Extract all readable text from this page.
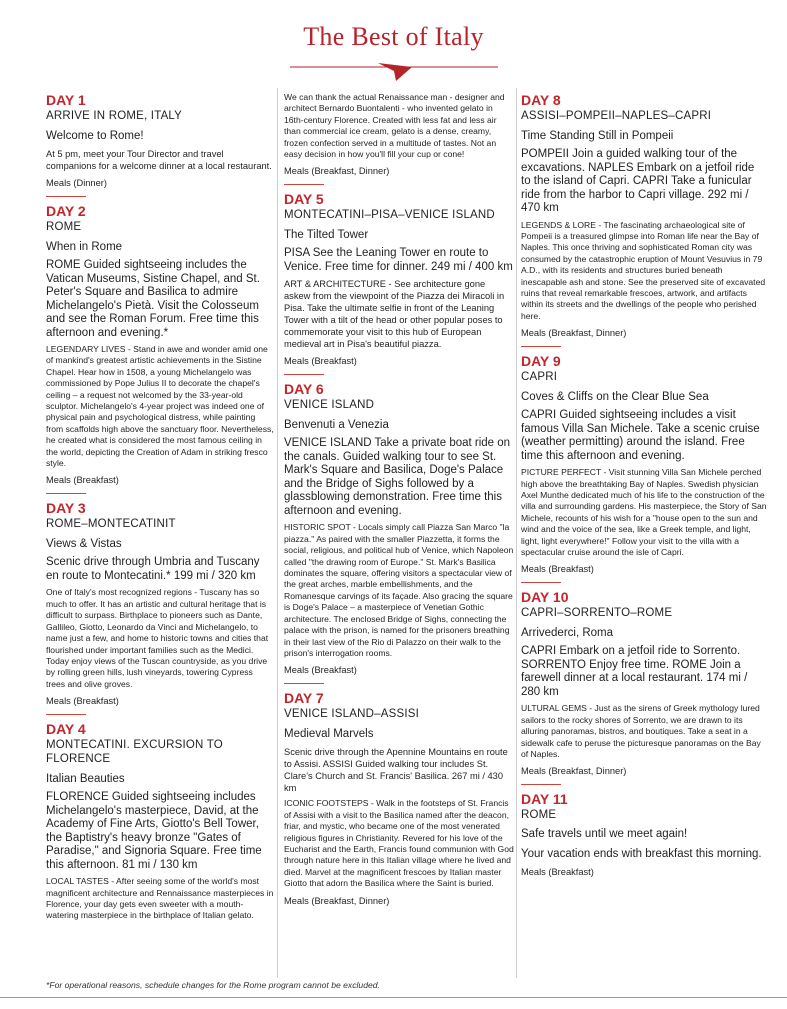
The Best of Italy
DAY 1
ARRIVE IN ROME, ITALY
Welcome to Rome!
At 5 pm, meet your Tour Director and travel companions for a welcome dinner at a local restaurant.
Meals (Dinner)
DAY 2
ROME
When in Rome
ROME Guided sightseeing includes the Vatican Museums, Sistine Chapel, and St. Peter's Square and Basilica to admire Michelangelo's Pietà. Visit the Colosseum and see the Roman Forum. Free time this afternoon and evening.*
LEGENDARY LIVES - Stand in awe and wonder amid one of mankind's greatest artistic achievements in the Sistine Chapel. Hear how in 1508, a young Michelangelo was commissioned by Pope Julius II to decorate the chapel's ceiling – a request not welcomed by the 33-year-old sculptor. Michelangelo's 4-year project was indeed one of physical pain and psychological distress, while painting from scaffolds high above the sanctuary floor. Nevertheless, he created what is considered the most famous ceiling in the world, depicting the Creation of Adam in striking fresco style.
Meals (Breakfast)
DAY 3
ROME–MONTECATINIT
Views & Vistas
Scenic drive through Umbria and Tuscany en route to Montecatini.* 199 mi / 320 km
One of Italy's most recognized regions - Tuscany has so much to offer. It has an artistic and cultural heritage that is difficult to surpass. Birthplace to pioneers such as Dante, Gallileo, Giotto, Leonardo da Vinci and Michelangelo, to name just a few, and home to historic towns and cities that flourished under important families such as the Medici. Today enjoy views of the Tuscan countryside, as you drive by rolling green hills, lush vineyards, towering Cypress trees and olive groves.
Meals (Breakfast)
DAY 4
MONTECATINI. EXCURSION TO FLORENCE
Italian Beauties
FLORENCE Guided sightseeing includes Michelangelo's masterpiece, David, at the Academy of Fine Arts, Giotto's Bell Tower, the Baptistry's heavy bronze "Gates of Paradise," and Signoria Square. Free time this afternoon. 81 mi / 130 km
LOCAL TASTES - After seeing some of the world's most magnificent architecture and Rennaissance masterpieces in Florence, your day gets even sweeter with a mouth-watering masterpiece in the birthplace of Italian gelato.
We can thank the actual Renaissance man - designer and architect Bernardo Buontalenti - who invented gelato in 16th-century Florence. Created with less fat and less air than commercial ice cream, gelato is a dense, creamy, frozen confection served in a multitude of tastes. Not an easy decision in how you'll fill your cup or cone!
Meals (Breakfast, Dinner)
DAY 5
MONTECATINI–PISA–VENICE ISLAND
The Tilted Tower
PISA See the Leaning Tower en route to Venice. Free time for dinner. 249 mi / 400 km
ART & ARCHITECTURE - See architecture gone askew from the viewpoint of the Piazza dei Miracoli in Pisa. Take the ultimate selfie in front of the Leaning Tower with a tilt of the head or other popular poses to commemorate your visit to this hub of European medieval art in Pisa's beautiful piazza.
Meals (Breakfast)
DAY 6
VENICE ISLAND
Benvenuti a Venezia
VENICE ISLAND Take a private boat ride on the canals. Guided walking tour to see St. Mark's Square and Basilica, Doge's Palace and the Bridge of Sighs followed by a glassblowing demonstration. Free time this afternoon and evening.
HISTORIC SPOT - Locals simply call Piazza San Marco "la piazza." As paired with the smaller Piazzetta, it forms the social, religious, and political hub of Venice, which Napoleon called "the drawing room of Europe." St. Mark's Basilica dominates the square, offering visitors a spectacular view of the great arches, marble embellishments, and the Romanesque carvings of its façade. Also gracing the square is Doge's Palace – a masterpiece of Venetian Gothic architecture. The enclosed Bridge of Sighs, connecting the palace with the prison, is named for the prisoners breathing in their last view of the Rio di Palazzo on their walk to the prison's interrogation rooms.
Meals (Breakfast)
DAY 7
VENICE ISLAND–ASSISI
Medieval Marvels
Scenic drive through the Apennine Mountains en route to Assisi. ASSISI Guided walking tour includes St. Clare's Church and St. Francis' Basilica. 267 mi / 430 km
ICONIC FOOTSTEPS - Walk in the footsteps of St. Francis of Assisi with a visit to the Basilica named after the deacon, friar, and mystic, who became one of the most venerated religious figures in Christianity. Revered for his love of the Eucharist and the Earth, Francis found communion with God through nature here in this Italian village where he lived and died. Marvel at the magnificent frescoes by Italian master Giotto that adorn the Basilica where the Saint is buried.
Meals (Breakfast, Dinner)
DAY 8
ASSISI–POMPEII–NAPLES–CAPRI
Time Standing Still in Pompeii
POMPEII Join a guided walking tour of the excavations. NAPLES Embark on a jetfoil ride to the island of Capri. CAPRI Take a funicular ride from the harbor to Capri village. 292 mi / 470 km
LEGENDS & LORE - The fascinating archaeological site of Pompeii is a treasured glimpse into Roman life near the Bay of Naples. This once thriving and sophisticated Roman city was consumed by the catastrophic eruption of Mount Vesuvius in 79 A.D., with its residents and structures buried beneath inescapable ash and stone. See the preserved site of excavated ruins that reveal remarkable frescoes, artwork, and artifacts within its streets and the dwellings of the people who perished here.
Meals (Breakfast, Dinner)
DAY 9
CAPRI
Coves & Cliffs on the Clear Blue Sea
CAPRI Guided sightseeing includes a visit famous Villa San Michele. Take a scenic cruise (weather permitting) around the island. Free time this afternoon and evening.
PICTURE PERFECT - Visit stunning Villa San Michele perched high above the breathtaking Bay of Naples. Swedish physician Axel Munthe dedicated much of his life to the construction of the villa and surrounding gardens. His masterpiece, the Story of San Michele, recounts of his wish for a "house open to the sun and wind and the voice of the sea, like a Greek temple, and light, light, light everywhere!" Follow your visit to the villa with a spectacular cruise around the isle of Capri.
Meals (Breakfast)
DAY 10
CAPRI–SORRENTO–ROME
Arrivederci, Roma
CAPRI Embark on a jetfoil ride to Sorrento. SORRENTO Enjoy free time. ROME Join a farewell dinner at a local restaurant. 174 mi / 280 km
ULTURAL GEMS - Just as the sirens of Greek mythology lured sailors to the rocky shores of Sorrento, we are drawn to its alluring panoramas, bistros, and boutiques. Take a seat in a sidewalk cafe to peruse the picturesque panoramas on the Bay of Naples.
Meals (Breakfast, Dinner)
DAY 11
ROME
Safe travels until we meet again!
Your vacation ends with breakfast this morning.
Meals (Breakfast)
*For operational reasons, schedule changes for the Rome program cannot be excluded.
